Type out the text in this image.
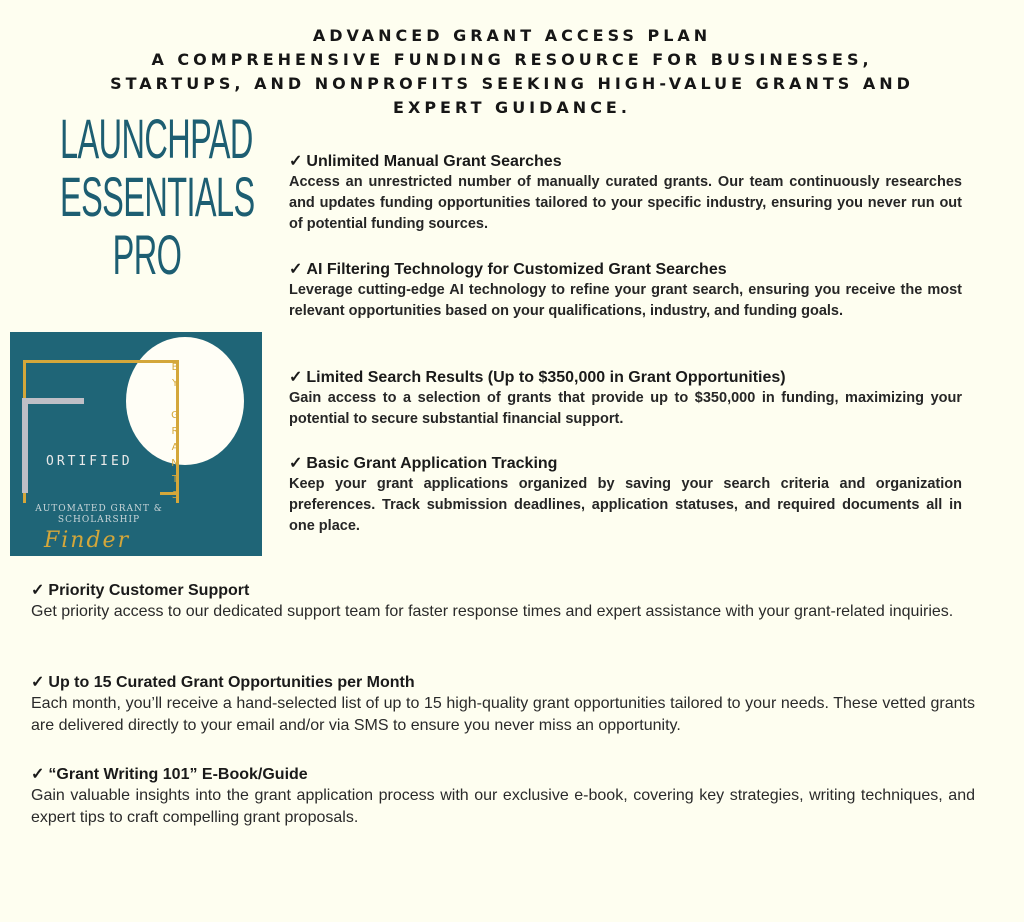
ADVANCED GRANT ACCESS PLAN
A COMPREHENSIVE FUNDING RESOURCE FOR BUSINESSES,
STARTUPS, AND NONPROFITS SEEKING HIGH-VALUE GRANTS AND
EXPERT GUIDANCE.
LAUNCHPAD
ESSENTIALS
PRO
ORTIFIED
B
Y

G
R
A
N
T
S
AUTOMATED GRANT &
SCHOLARSHIP
Finder
✓ Unlimited Manual Grant Searches
Access an unrestricted number of manually curated grants. Our team continuously researches and updates funding opportunities tailored to your specific industry, ensuring you never run out of potential funding sources.
✓ AI Filtering Technology for Customized Grant Searches
Leverage cutting-edge AI technology to refine your grant search, ensuring you receive the most relevant opportunities based on your qualifications, industry, and funding goals.
✓ Limited Search Results (Up to $350,000 in Grant Opportunities)
Gain access to a selection of grants that provide up to $350,000 in funding, maximizing your potential to secure substantial financial support.
✓ Basic Grant Application Tracking
Keep your grant applications organized by saving your search criteria and organization preferences. Track submission deadlines, application statuses, and required documents all in one place.
✓ Priority Customer Support
Get priority access to our dedicated support team for faster response times and expert assistance with your grant-related inquiries.
✓ Up to 15 Curated Grant Opportunities per Month
Each month, you’ll receive a hand-selected list of up to 15 high-quality grant opportunities tailored to your needs. These vetted grants are delivered directly to your email and/or via SMS to ensure you never miss an opportunity.
✓ “Grant Writing 101” E-Book/Guide
Gain valuable insights into the grant application process with our exclusive e-book, covering key strategies, writing techniques, and expert tips to craft compelling grant proposals.
